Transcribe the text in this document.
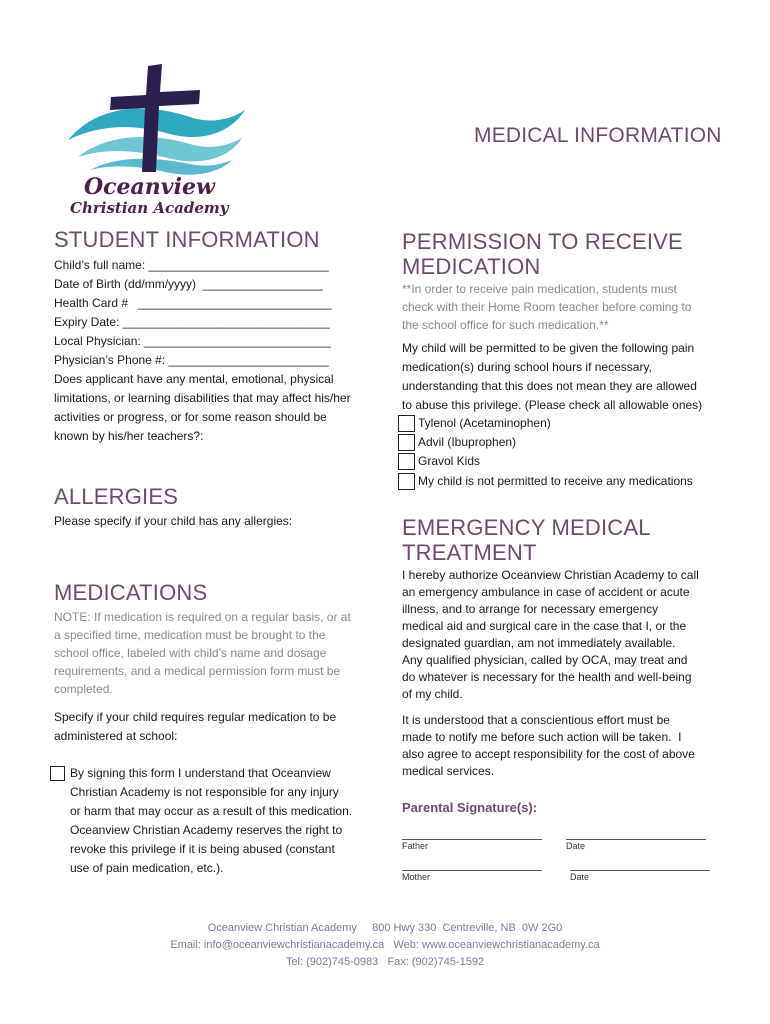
Oceanview
Christian Academy
MEDICAL INFORMATION
STUDENT INFORMATION
Child’s full name: ___________________________
Date of Birth (dd/mm/yyyy)  __________________
Health Card #   _____________________________
Expiry Date: _______________________________
Local Physician: ____________________________
Physician’s Phone #: ________________________
Does applicant have any mental, emotional, physical
limitations, or learning disabilities that may affect his/her
activities or progress, or for some reason should be
known by his/her teachers?:
ALLERGIES
Please specify if your child has any allergies:
MEDICATIONS
NOTE: If medication is required on a regular basis, or at
a specified time, medication must be brought to the
school office, labeled with child’s name and dosage
requirements, and a medical permission form must be
completed.
Specify if your child requires regular medication to be
administered at school:
By signing this form I understand that Oceanview
Christian Academy is not responsible for any injury
or harm that may occur as a result of this medication.
Oceanview Christian Academy reserves the right to
revoke this privilege if it is being abused (constant
use of pain medication, etc.).
PERMISSION TO RECEIVE
MEDICATION
**In order to receive pain medication, students must
check with their Home Room teacher before coming to
the school office for such medication.**
My child will be permitted to be given the following pain
medication(s) during school hours if necessary,
understanding that this does not mean they are allowed
to abuse this privilege. (Please check all allowable ones)
Tylenol (Acetaminophen)
Advil (Ibuprophen)
Gravol Kids
My child is not permitted to receive any medications
EMERGENCY MEDICAL
TREATMENT
I hereby authorize Oceanview Christian Academy to call
an emergency ambulance in case of accident or acute
illness, and to arrange for necessary emergency
medical aid and surgical care in the case that I, or the
designated guardian, am not immediately available.
Any qualified physician, called by OCA, may treat and
do whatever is necessary for the health and well-being
of my child.
It is understood that a conscientious effort must be
made to notify me before such action will be taken.  I
also agree to accept responsibility for the cost of above
medical services.
Parental Signature(s):
Father	Date
Mother	Date
Oceanview Christian Academy     800 Hwy 330  Centreville, NB  0W 2G0
Email: info@oceanviewchristianacademy.ca   Web: www.oceanviewchristianacademy.ca
Tel: (902)745-0983   Fax: (902)745-1592
